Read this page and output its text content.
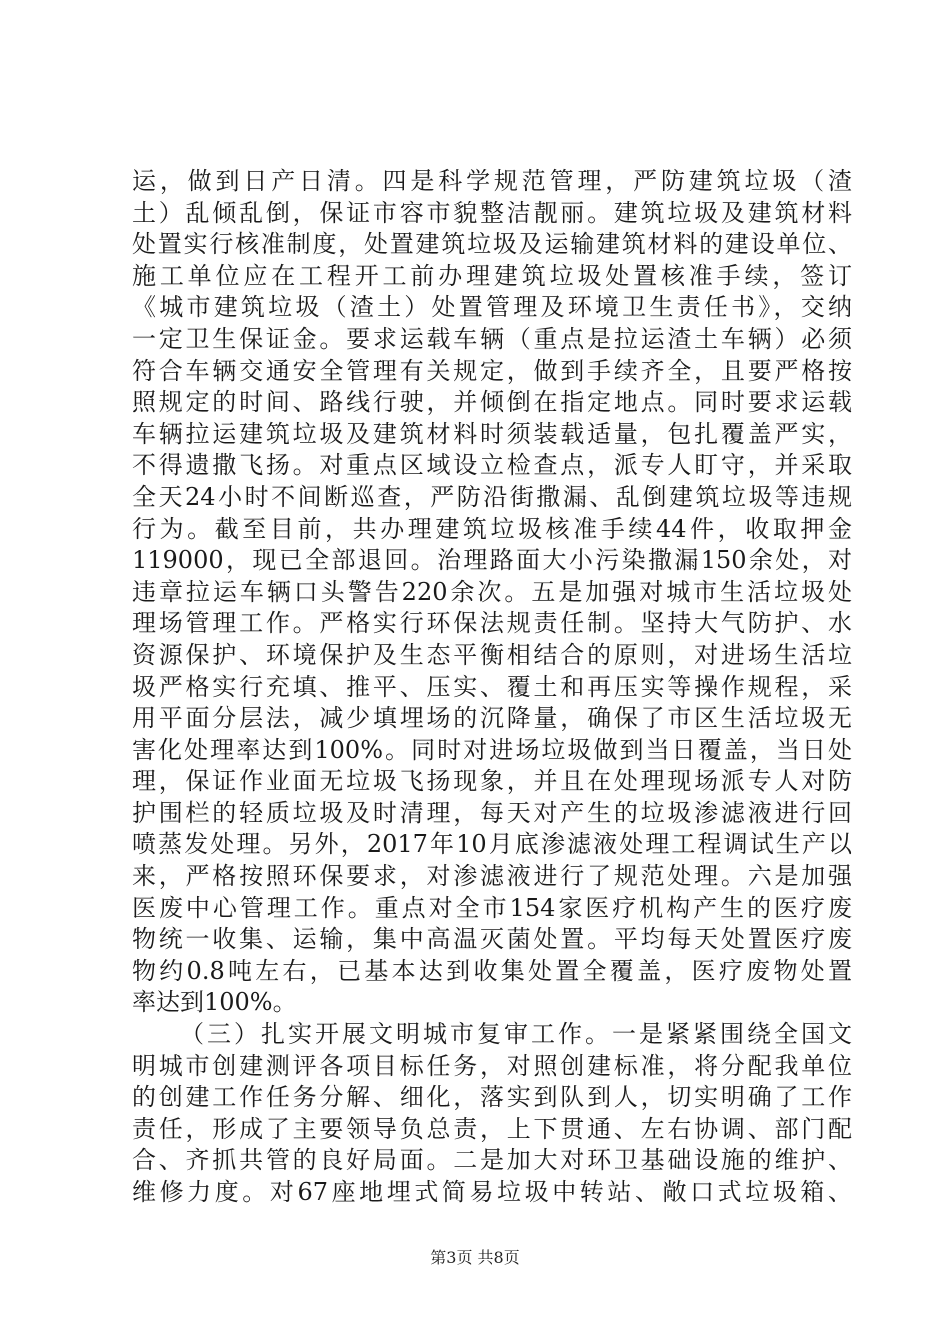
运，做到日产日清。四是科学规范管理，严防建筑垃圾（渣
土）乱倾乱倒，保证市容市貌整洁靓丽。建筑垃圾及建筑材料
处置实行核准制度，处置建筑垃圾及运输建筑材料的建设单位、
施工单位应在工程开工前办理建筑垃圾处置核准手续，签订
《城市建筑垃圾（渣土）处置管理及环境卫生责任书》，交纳
一定卫生保证金。要求运载车辆（重点是拉运渣土车辆）必须
符合车辆交通安全管理有关规定，做到手续齐全，且要严格按
照规定的时间、路线行驶，并倾倒在指定地点。同时要求运载
车辆拉运建筑垃圾及建筑材料时须装载适量，包扎覆盖严实，
不得遗撒飞扬。对重点区域设立检查点，派专人盯守，并采取
全天24小时不间断巡查，严防沿街撒漏、乱倒建筑垃圾等违规
行为。截至目前，共办理建筑垃圾核准手续44件，收取押金
119000，现已全部退回。治理路面大小污染撒漏150余处，对
违章拉运车辆口头警告220余次。五是加强对城市生活垃圾处
理场管理工作。严格实行环保法规责任制。坚持大气防护、水
资源保护、环境保护及生态平衡相结合的原则，对进场生活垃
圾严格实行充填、推平、压实、覆土和再压实等操作规程，采
用平面分层法，减少填埋场的沉降量，确保了市区生活垃圾无
害化处理率达到100%。同时对进场垃圾做到当日覆盖，当日处
理，保证作业面无垃圾飞扬现象，并且在处理现场派专人对防
护围栏的轻质垃圾及时清理，每天对产生的垃圾渗滤液进行回
喷蒸发处理。另外，2017年10月底渗滤液处理工程调试生产以
来，严格按照环保要求，对渗滤液进行了规范处理。六是加强
医废中心管理工作。重点对全市154家医疗机构产生的医疗废
物统一收集、运输，集中高温灭菌处置。平均每天处置医疗废
物约0.8吨左右，已基本达到收集处置全覆盖，医疗废物处置
率达到100%。
（三）扎实开展文明城市复审工作。一是紧紧围绕全国文
明城市创建测评各项目标任务，对照创建标准，将分配我单位
的创建工作任务分解、细化，落实到队到人，切实明确了工作
责任，形成了主要领导负总责，上下贯通、左右协调、部门配
合、齐抓共管的良好局面。二是加大对环卫基础设施的维护、
维修力度。对67座地埋式简易垃圾中转站、敞口式垃圾箱、
第3页 共8页
